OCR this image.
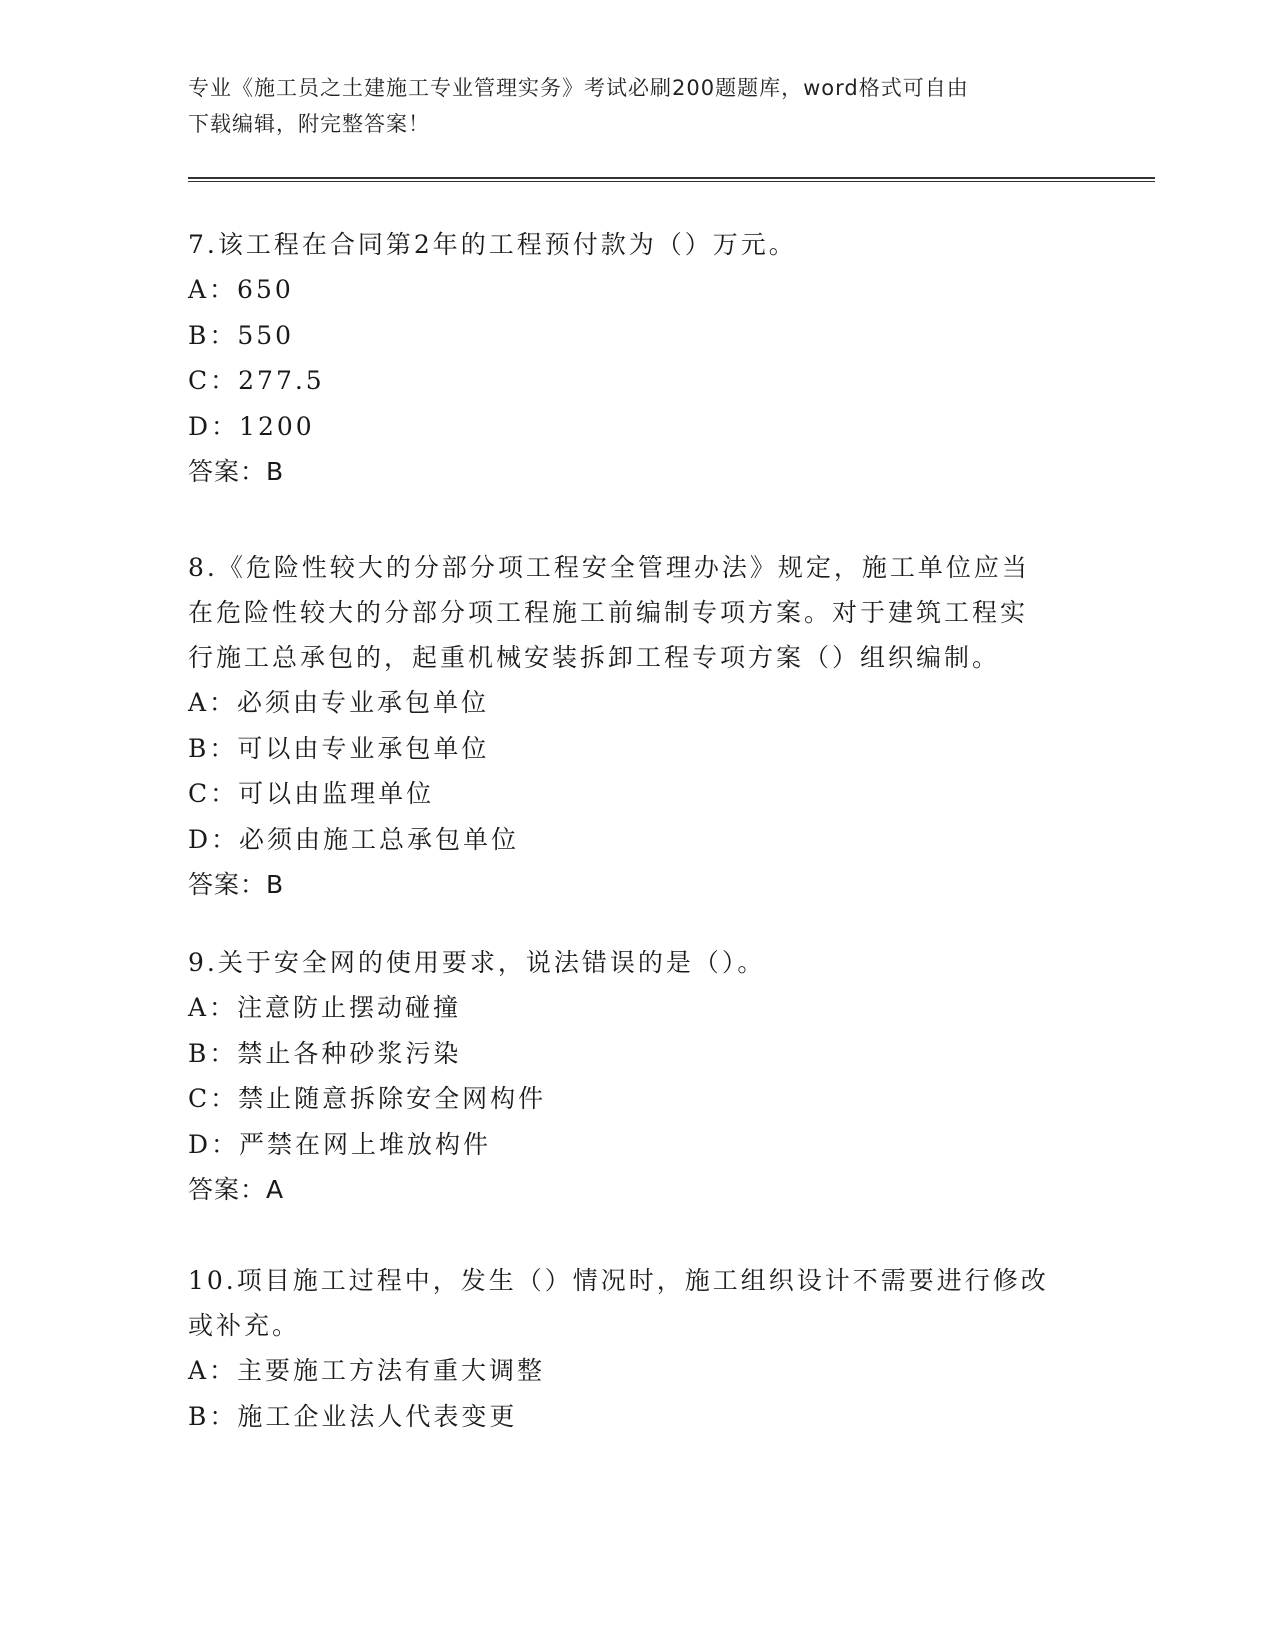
专业《施工员之土建施工专业管理实务》考试必刷200题题库，word格式可自由
下载编辑，附完整答案！
7.该工程在合同第2年的工程预付款为（）万元。
A：650
B：550
C：277.5
D：1200
答案：B
8.《危险性较大的分部分项工程安全管理办法》规定，施工单位应当
在危险性较大的分部分项工程施工前编制专项方案。对于建筑工程实
行施工总承包的，起重机械安装拆卸工程专项方案（）组织编制。
A：必须由专业承包单位
B：可以由专业承包单位
C：可以由监理单位
D：必须由施工总承包单位
答案：B
9.关于安全网的使用要求，说法错误的是（）。
A：注意防止摆动碰撞
B：禁止各种砂浆污染
C：禁止随意拆除安全网构件
D：严禁在网上堆放构件
答案：A
10.项目施工过程中，发生（）情况时，施工组织设计不需要进行修改
或补充。
A：主要施工方法有重大调整
B：施工企业法人代表变更
